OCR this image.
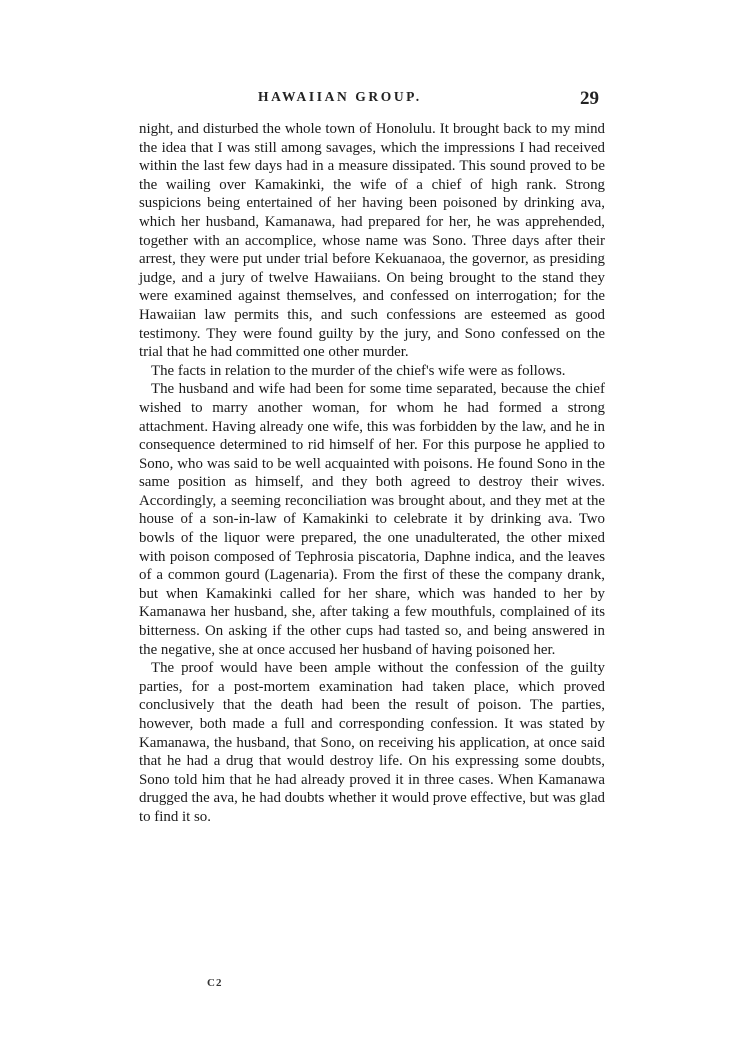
HAWAIIAN GROUP.	29

night, and disturbed the whole town of Honolulu. It brought back to my mind the idea that I was still among savages, which the impressions I had received within the last few days had in a measure dissipated. This sound proved to be the wailing over Kamakinki, the wife of a chief of high rank. Strong suspicions being entertained of her having been poisoned by drinking ava, which her husband, Kamanawa, had prepared for her, he was apprehended, together with an accomplice, whose name was Sono. Three days after their arrest, they were put under trial before Kekuanaoa, the governor, as presiding judge, and a jury of twelve Hawaiians. On being brought to the stand they were examined against themselves, and confessed on interrogation; for the Hawaiian law permits this, and such confessions are esteemed as good testimony. They were found guilty by the jury, and Sono confessed on the trial that he had committed one other murder.

The facts in relation to the murder of the chief's wife were as follows.

The husband and wife had been for some time separated, because the chief wished to marry another woman, for whom he had formed a strong attachment. Having already one wife, this was forbidden by the law, and he in consequence determined to rid himself of her. For this purpose he applied to Sono, who was said to be well acquainted with poisons. He found Sono in the same position as himself, and they both agreed to destroy their wives. Accordingly, a seeming reconciliation was brought about, and they met at the house of a son-in-law of Kamakinki to celebrate it by drinking ava. Two bowls of the liquor were prepared, the one unadulterated, the other mixed with poison composed of Tephrosia piscatoria, Daphne indica, and the leaves of a common gourd (Lagenaria). From the first of these the company drank, but when Kamakinki called for her share, which was handed to her by Kamanawa her husband, she, after taking a few mouthfuls, complained of its bitterness. On asking if the other cups had tasted so, and being answered in the negative, she at once accused her husband of having poisoned her.

The proof would have been ample without the confession of the guilty parties, for a post-mortem examination had taken place, which proved conclusively that the death had been the result of poison. The parties, however, both made a full and corresponding confession. It was stated by Kamanawa, the husband, that Sono, on receiving his application, at once said that he had a drug that would destroy life. On his expressing some doubts, Sono told him that he had already proved it in three cases. When Kamanawa drugged the ava, he had doubts whether it would prove effective, but was glad to find it so.

C2
